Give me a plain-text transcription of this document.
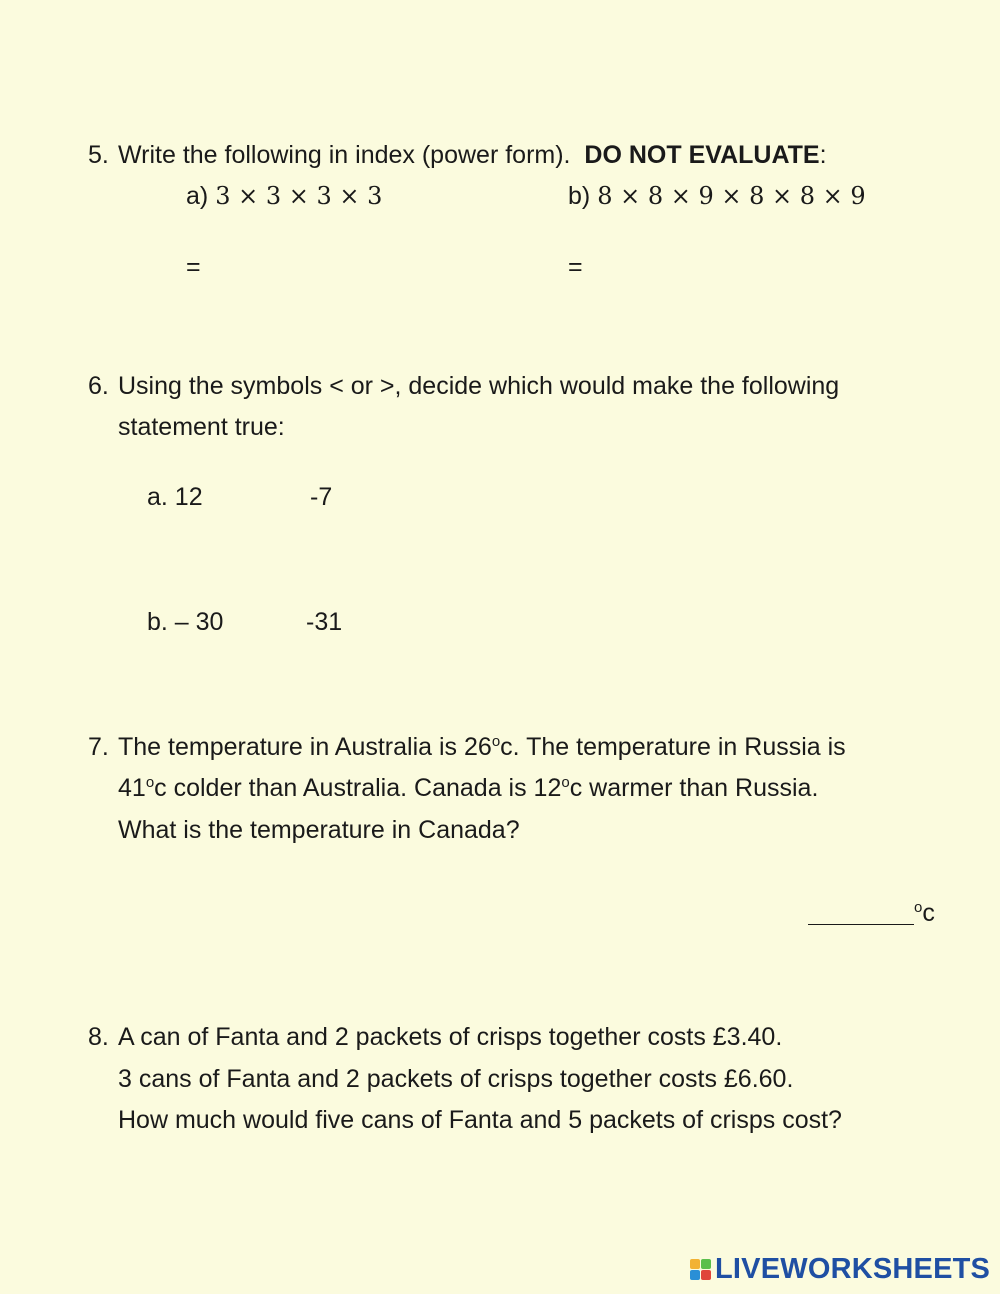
5. Write the following in index (power form). DO NOT EVALUATE:
a) 3 × 3 × 3 × 3	b) 8 × 8 × 9 × 8 × 8 × 9
=	=
6. Using the symbols < or >, decide which would make the following
statement true:
a. 12	-7
b. – 30	-31
7. The temperature in Australia is 26$^o$c. The temperature in Russia is
41$^o$c colder than Australia. Canada is 12$^o$c warmer than Russia.
What is the temperature in Canada?
$^o$c
8. A can of Fanta and 2 packets of crisps together costs £3.40.
3 cans of Fanta and 2 packets of crisps together costs £6.60.
How much would five cans of Fanta and 5 packets of crisps cost?
LIVEWORKSHEETS
